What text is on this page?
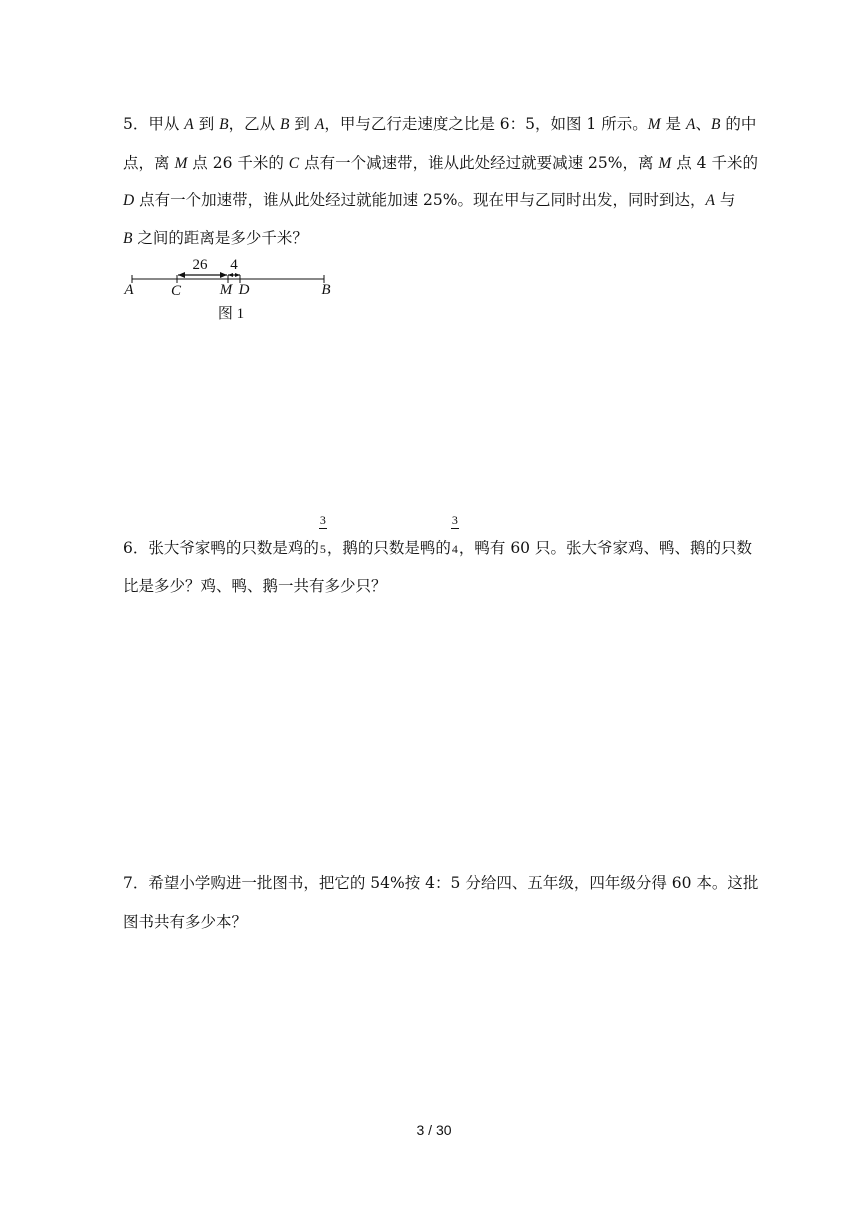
5．甲从 A 到 B，乙从 B 到 A，甲与乙行走速度之比是 6：5，如图 1 所示。M 是 A、B 的中
点，离 M 点 26 千米的 C 点有一个减速带，谁从此处经过就要减速 25%，离 M 点 4 千米的
D 点有一个加速带，谁从此处经过就能加速 25%。现在甲与乙同时出发，同时到达，A 与
B 之间的距离是多少千米？
26 4
A C	M D	B
图 1
6．张大爷家鸭的只数是鸡的 $\frac{3}{5}$，鹅的只数是鸭的 $\frac{3}{4}$，鸭有 60 只。张大爷家鸡、鸭、鹅的只数
比是多少？鸡、鸭、鹅一共有多少只？
7．希望小学购进一批图书，把它的 54%按 4：5 分给四、五年级，四年级分得 60 本。这批
图书共有多少本？
3 / 30
